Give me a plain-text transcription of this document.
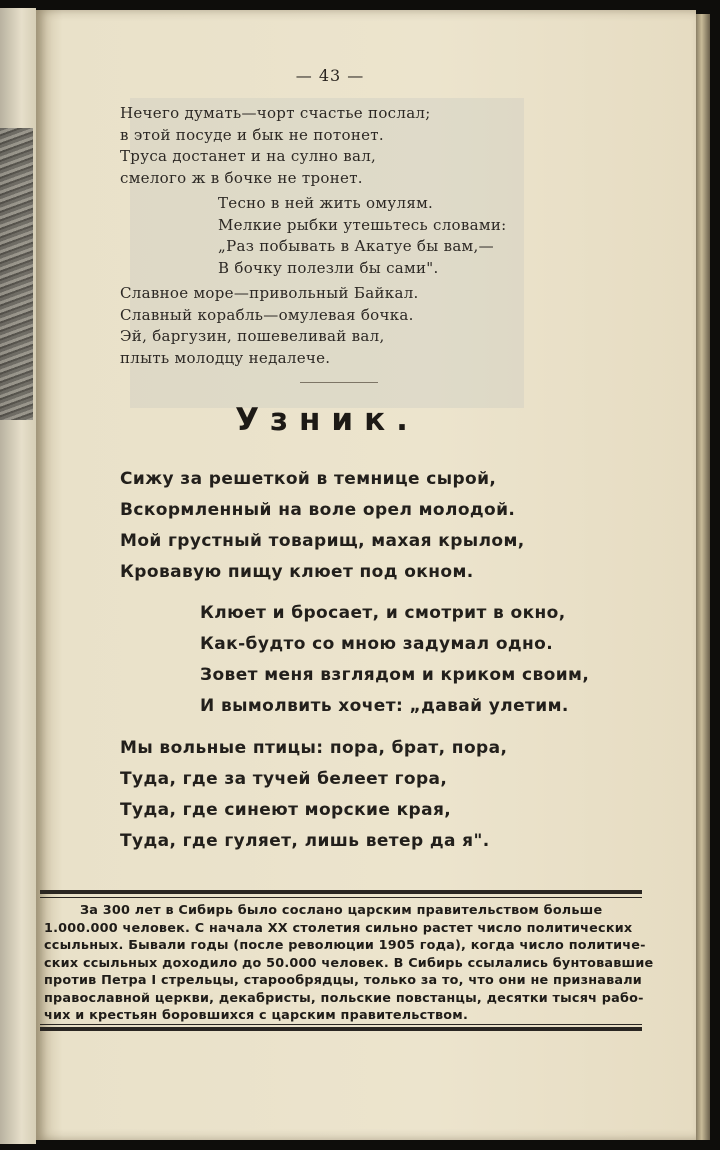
— 43 —
Нечего думать—чорт счастье послал;
в этой посуде и бык не потонет.
Труса достанет и на сулно вал,
смелого ж в бочке не тронет.
Тесно в ней жить омулям.
Мелкие рыбки утешьтесь словами:
„Раз побывать в Акатуе бы вам,—
В бочку полезли бы сами".
Славное море—привольный Байкал.
Славный корабль—омулевая бочка.
Эй, баргузин, пошевеливай вал,
плыть молодцу недалече.
Узник.
Сижу за решеткой в темнице сырой,
Вскормленный на воле орел молодой.
Мой грустный товарищ, махая крылом,
Кровавую пищу клюет под окном.
Клюет и бросает, и смотрит в окно,
Как-будто со мною задумал одно.
Зовет меня взглядом и криком своим,
И вымолвить хочет: „давай улетим.
Мы вольные птицы: пора, брат, пора,
Туда, где за тучей белеет гора,
Туда, где синеют морские края,
Туда, где гуляет, лишь ветер да я".
За 300 лет в Сибирь было сослано царским правительством больше
1.000.000 человек. С начала XX столетия сильно растет число политических
ссыльных. Бывали годы (после революции 1905 года), когда число политиче-
ских ссыльных доходило до 50.000 человек. В Сибирь ссылались бунтовавшие
против Петра I стрельцы, старообрядцы, только за то, что они не признавали
православной церкви, декабристы, польские повстанцы, десятки тысяч рабо-
чих и крестьян боровшихся с царским правительством.
